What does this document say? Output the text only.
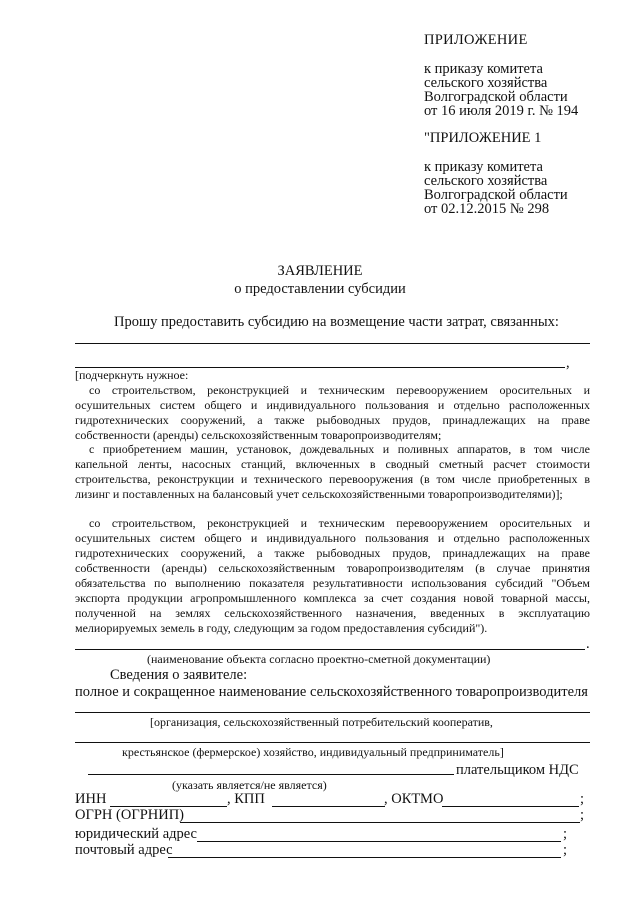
ПРИЛОЖЕНИЕ
к приказу комитета
сельского хозяйства
Волгоградской области
от 16 июля 2019 г. № 194
"ПРИЛОЖЕНИЕ 1
к приказу комитета
сельского хозяйства
Волгоградской области
от 02.12.2015 № 298
ЗАЯВЛЕНИЕ
о предоставлении субсидии
Прошу предоставить субсидию на возмещение части затрат, связанных:
,
[подчеркнуть нужное:
со строительством, реконструкцией и техническим перевооружением оросительных и осушительных систем общего и индивидуального пользования и отдельно расположенных гидротехнических сооружений, а также рыбоводных прудов, принадлежащих на праве собственности (аренды) сельскохозяйственным товаропроизводителям;
с приобретением машин, установок, дождевальных и поливных аппаратов, в том числе капельной ленты, насосных станций, включенных в сводный сметный расчет стоимости строительства, реконструкции и технического перевооружения (в том числе приобретенных в лизинг и поставленных на балансовый учет сельскохозяйственными товаропроизводителями)];
со строительством, реконструкцией и техническим перевооружением оросительных и осушительных систем общего и индивидуального пользования и отдельно расположенных гидротехнических сооружений, а также рыбоводных прудов, принадлежащих на праве собственности (аренды) сельскохозяйственным товаропроизводителям (в случае принятия обязательства по выполнению показателя результативности использования субсидий "Объем экспорта продукции агропромышленного комплекса за счет создания новой товарной массы, полученной на землях сельскохозяйственного назначения, введенных в эксплуатацию мелиорируемых земель в году, следующим за годом предоставления субсидий").
.
(наименование объекта согласно проектно-сметной документации)
Сведения о заявителе:
полное и сокращенное наименование сельскохозяйственного товаропроизводителя
[организация, сельскохозяйственный потребительский кооператив,
крестьянское (фермерское) хозяйство, индивидуальный предприниматель]
плательщиком НДС
(указать является/не является)
ИНН	, КПП	, ОКТМО	;
ОГРН (ОГРНИП)	;
юридический адрес	;
почтовый адрес	;
